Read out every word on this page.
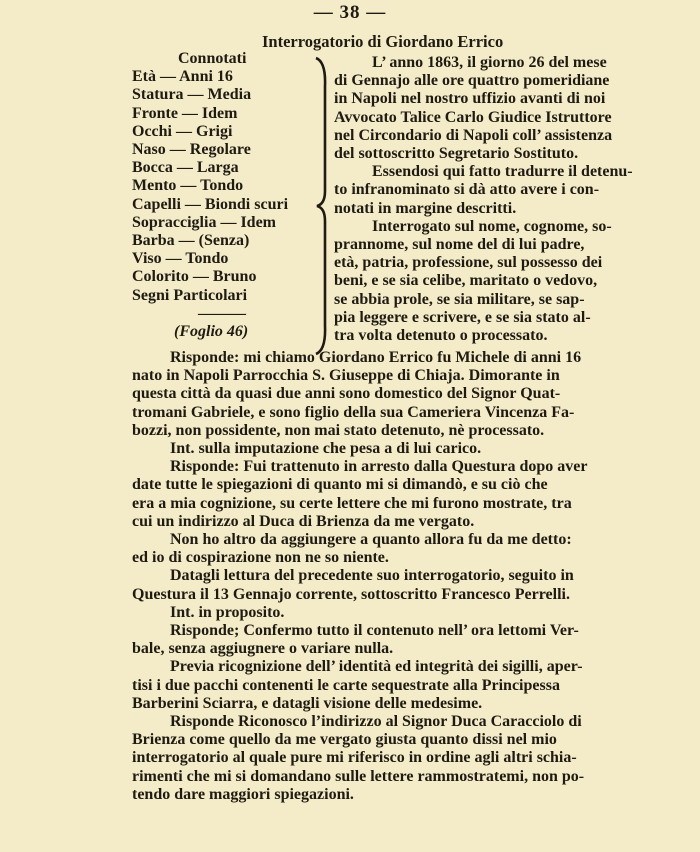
— 38 —
Interrogatorio di Giordano Errico
Connotati
Età — Anni 16
Statura — Media
Fronte — Idem
Occhi — Grigi
Naso — Regolare
Bocca — Larga
Mento — Tondo
Capelli — Biondi scuri
Sopracciglia — Idem
Barba — (Senza)
Viso — Tondo
Colorito — Bruno
Segni Particolari
———
(Foglio 46)
L’ anno 1863, il giorno 26 del mese
di Gennajo alle ore quattro pomeridiane
in Napoli nel nostro uffizio avanti di noi
Avvocato Talice Carlo Giudice Istruttore
nel Circondario di Napoli coll’ assistenza
del sottoscritto Segretario Sostituto.
Essendosi qui fatto tradurre il detenu-
to infranominato si dà atto avere i con-
notati in margine descritti.
Interrogato sul nome, cognome, so-
prannome, sul nome del di lui padre,
età, patria, professione, sul possesso dei
beni, e se sia celibe, maritato o vedovo,
se abbia prole, se sia militare, se sap-
pia leggere e scrivere, e se sia stato al-
tra volta detenuto o processato.
Risponde: mi chiamo Giordano Errico fu Michele di anni 16
nato in Napoli Parrocchia S. Giuseppe di Chiaja. Dimorante in
questa città da quasi due anni sono domestico del Signor Quat-
tromani Gabriele, e sono figlio della sua Cameriera Vincenza Fa-
bozzi, non possidente, non mai stato detenuto, nè processato.
Int. sulla imputazione che pesa a di lui carico.
Risponde: Fui trattenuto in arresto dalla Questura dopo aver
date tutte le spiegazioni di quanto mi si dimandò, e su ciò che
era a mia cognizione, su certe lettere che mi furono mostrate, tra
cui un indirizzo al Duca di Brienza da me vergato.
Non ho altro da aggiungere a quanto allora fu da me detto:
ed io di cospirazione non ne so niente.
Datagli lettura del precedente suo interrogatorio, seguito in
Questura il 13 Gennajo corrente, sottoscritto Francesco Perrelli.
Int. in proposito.
Risponde; Confermo tutto il contenuto nell’ ora lettomi Ver-
bale, senza aggiugnere o variare nulla.
Previa ricognizione dell’ identità ed integrità dei sigilli, aper-
tisi i due pacchi contenenti le carte sequestrate alla Principessa
Barberini Sciarra, e datagli visione delle medesime.
Risponde Riconosco l’indirizzo al Signor Duca Caracciolo di
Brienza come quello da me vergato giusta quanto dissi nel mio
interrogatorio al quale pure mi riferisco in ordine agli altri schia-
rimenti che mi si domandano sulle lettere rammostratemi, non po-
tendo dare maggiori spiegazioni.
